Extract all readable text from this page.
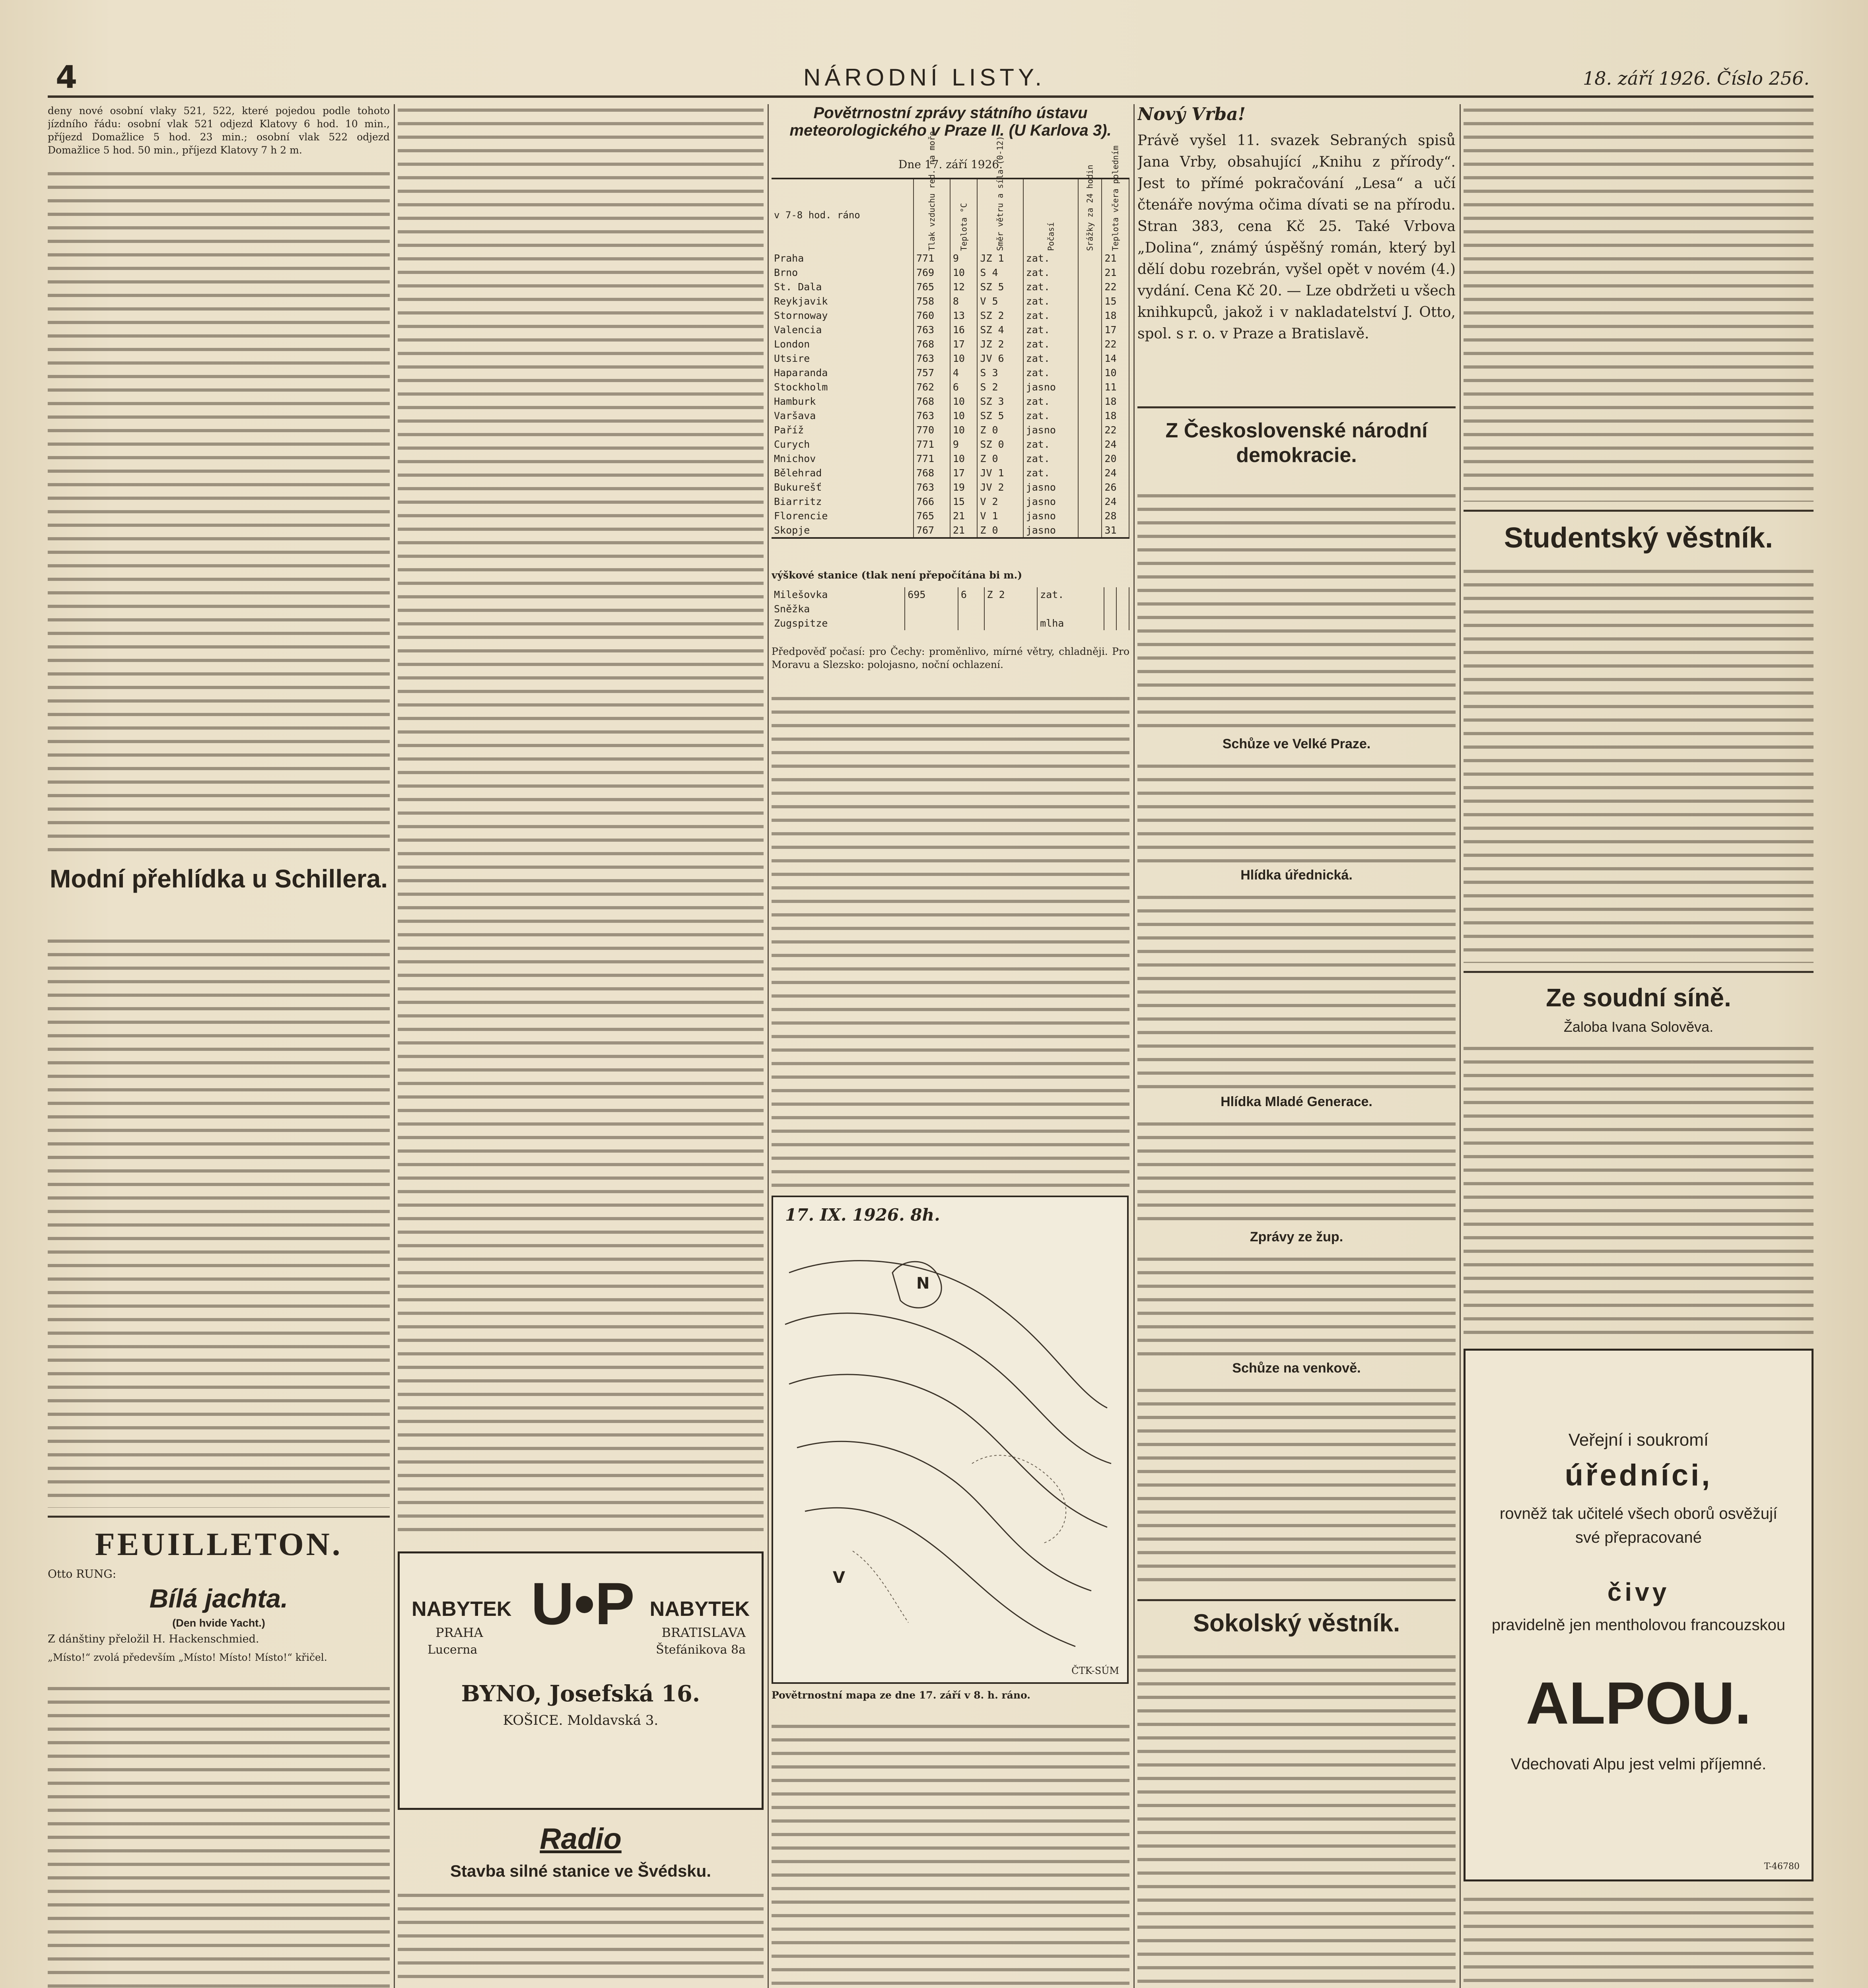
4	NÁRODNÍ LISTY.	18. září 1926. Číslo 256.
deny nové osobní vlaky 521, 522, které pojedou podle tohoto jízdního řádu: osobní vlak 521 odjezd Klatovy 6 hod. 10 min., příjezd Domažlice 5 hod. 23 min.; osobní vlak 522 odjezd Domažlice 5 hod. 50 min., příjezd Klatovy 7 h 2 m.
Modní přehlídka u Schillera.
FEUILLETON.
Otto RUNG:
Bílá jachta.
(Den hvide Yacht.)
Z dánštiny přeložil H. Hackenschmied.
„Místo!“ zvolá především „Místo! Místo! Místo!“ křičel.
NABYTEK
PRAHA
Lucerna
U•P NABYTEK
BRATISLAVA
Štefánikova 8a
BYNO, Josefská 16.
KOŠICE. Moldavská 3.
Radio
Stavba silné stanice ve Švédsku.
Povětrnostní zprávy státního ústavu meteorologického v Praze II. (U Karlova 3).
Dne 17. září 1926.
v 7-8 hod. ráno	Tlak vzduchu red. na moře	Teplota °C	Směr větru a síla (0-12)	Počasí	Srážky za 24 hodin	Teplota včera poledním
Praha	771	9	JZ 1	zat.		21
Brno	769	10	S 4	zat.		21
St. Dala	765	12	SZ 5	zat.		22
Reykjavik	758	8	V 5	zat.		15
Stornoway	760	13	SZ 2	zat.		18
Valencia	763	16	SZ 4	zat.		17
London	768	17	JZ 2	zat.		22
Utsire	763	10	JV 6	zat.		14
Haparanda	757	4	S 3	zat.		10
Stockholm	762	6	S 2	jasno		11
Hamburk	768	10	SZ 3	zat.		18
Varšava	763	10	SZ 5	zat.		18
Paříž	770	10	Z 0	jasno		22
Curych	771	9	SZ 0	zat.		24
Mnichov	771	10	Z 0	zat.		20
Bělehrad	768	17	JV 1	zat.		24
Bukurešť	763	19	JV 2	jasno		26
Biarritz	766	15	V 2	jasno		24
Florencie	765	21	V 1	jasno		28
Skopje	767	21	Z 0	jasno		31
výškové stanice (tlak není přepočítána bi m.)
Milešovka	695	6	Z 2	zat.		
Sněžka						
Zugspitze				mlha		
Předpověď počasí: pro Čechy: proměnlivo, mírné větry, chladněji. Pro Moravu a Slezsko: polojasno, noční ochlazení.
17. IX. 1926. 8h.
N
V
ČTK-SÚM
Povětrnostní mapa ze dne 17. září v 8. h. ráno.
Nový Vrba!
Právě vyšel 11. svazek Sebraných spisů Jana Vrby, obsahující „Knihu z přírody“. Jest to přímé pokračování „Lesa“ a učí čtenáře novýma očima dívati se na přírodu. Stran 383, cena Kč 25. Také Vrbova „Dolina“, známý úspěšný román, který byl dělí dobu rozebrán, vyšel opět v novém (4.) vydání. Cena Kč 20. — Lze obdržeti u všech knihkupců, jakož i v nakladatelství J. Otto, spol. s r. o. v Praze a Bratislavě.
Z Československé národní demokracie.
Schůze ve Velké Praze.
Hlídka úřednická.
Hlídka Mladé Generace.
Zprávy ze žup.
Schůze na venkově.
Sokolský věstník.
Studentský věstník.
Ze soudní síně.
Žaloba Ivana Solověva.
Veřejní i soukromí
úředníci,
rovněž tak učitelé všech oborů osvěžují své přepracované
čivy
pravidelně jen mentholovou francouzskou
ALPOU.
Vdechovati Alpu jest velmi příjemné.
T-46780
